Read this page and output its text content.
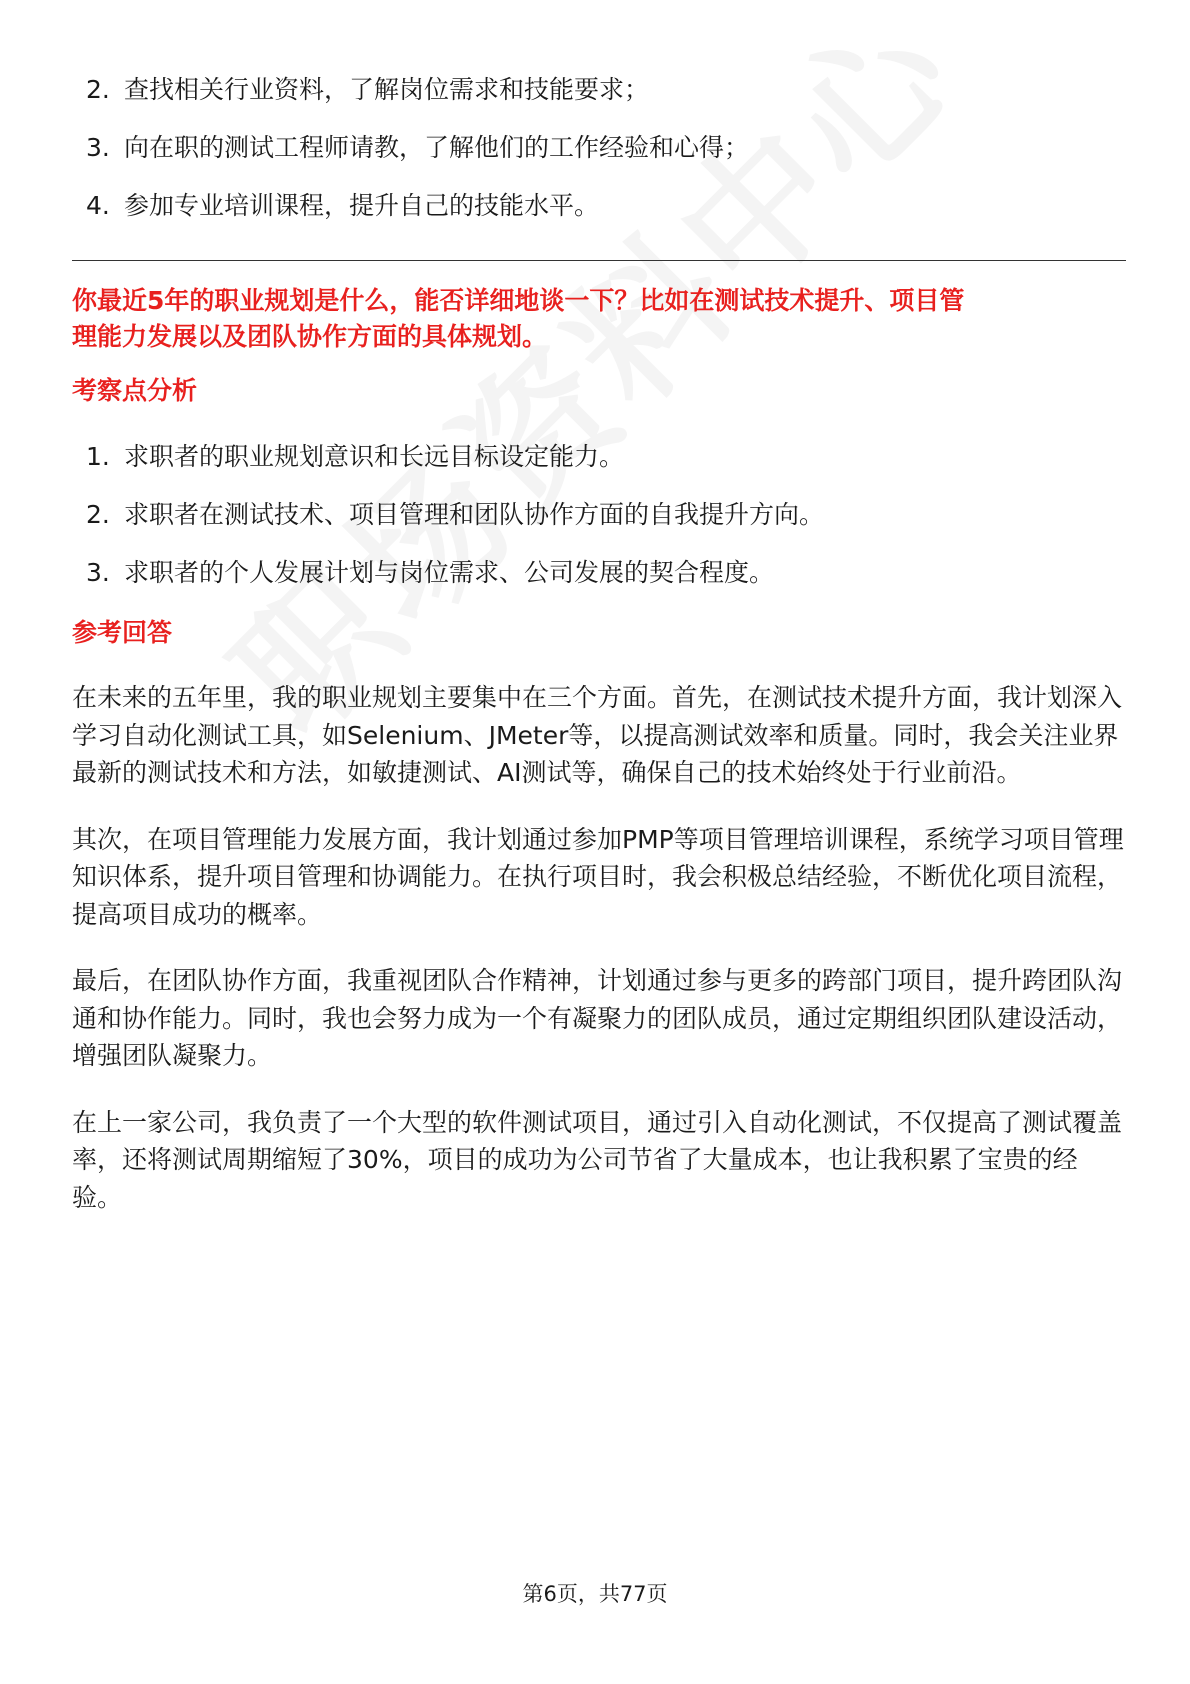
2. 查找相关行业资料，了解岗位需求和技能要求；
3. 向在职的测试工程师请教，了解他们的工作经验和心得；
4. 参加专业培训课程，提升自己的技能水平。

你最近5年的职业规划是什么，能否详细地谈一下？比如在测试技术提升、项目管
理能力发展以及团队协作方面的具体规划。

考察点分析
1. 求职者的职业规划意识和长远目标设定能力。
2. 求职者在测试技术、项目管理和团队协作方面的自我提升方向。
3. 求职者的个人发展计划与岗位需求、公司发展的契合程度。
参考回答

在未来的五年里，我的职业规划主要集中在三个方面。首先，在测试技术提升方面，我计划深入学习自动化测试工具，如Selenium、JMeter等，以提高测试效率和质量。同时，我会关注业界最新的测试技术和方法，如敏捷测试、AI测试等，确保自己的技术始终处于行业前沿。

其次，在项目管理能力发展方面，我计划通过参加PMP等项目管理培训课程，系统学习项目管理知识体系，提升项目管理和协调能力。在执行项目时，我会积极总结经验，不断优化项目流程，提高项目成功的概率。

最后，在团队协作方面，我重视团队合作精神，计划通过参与更多的跨部门项目，提升跨团队沟通和协作能力。同时，我也会努力成为一个有凝聚力的团队成员，通过定期组织团队建设活动，增强团队凝聚力。

在上一家公司，我负责了一个大型的软件测试项目，通过引入自动化测试，不仅提高了测试覆盖率，还将测试周期缩短了30%，项目的成功为公司节省了大量成本，也让我积累了宝贵的经验。

第6页，共77页
